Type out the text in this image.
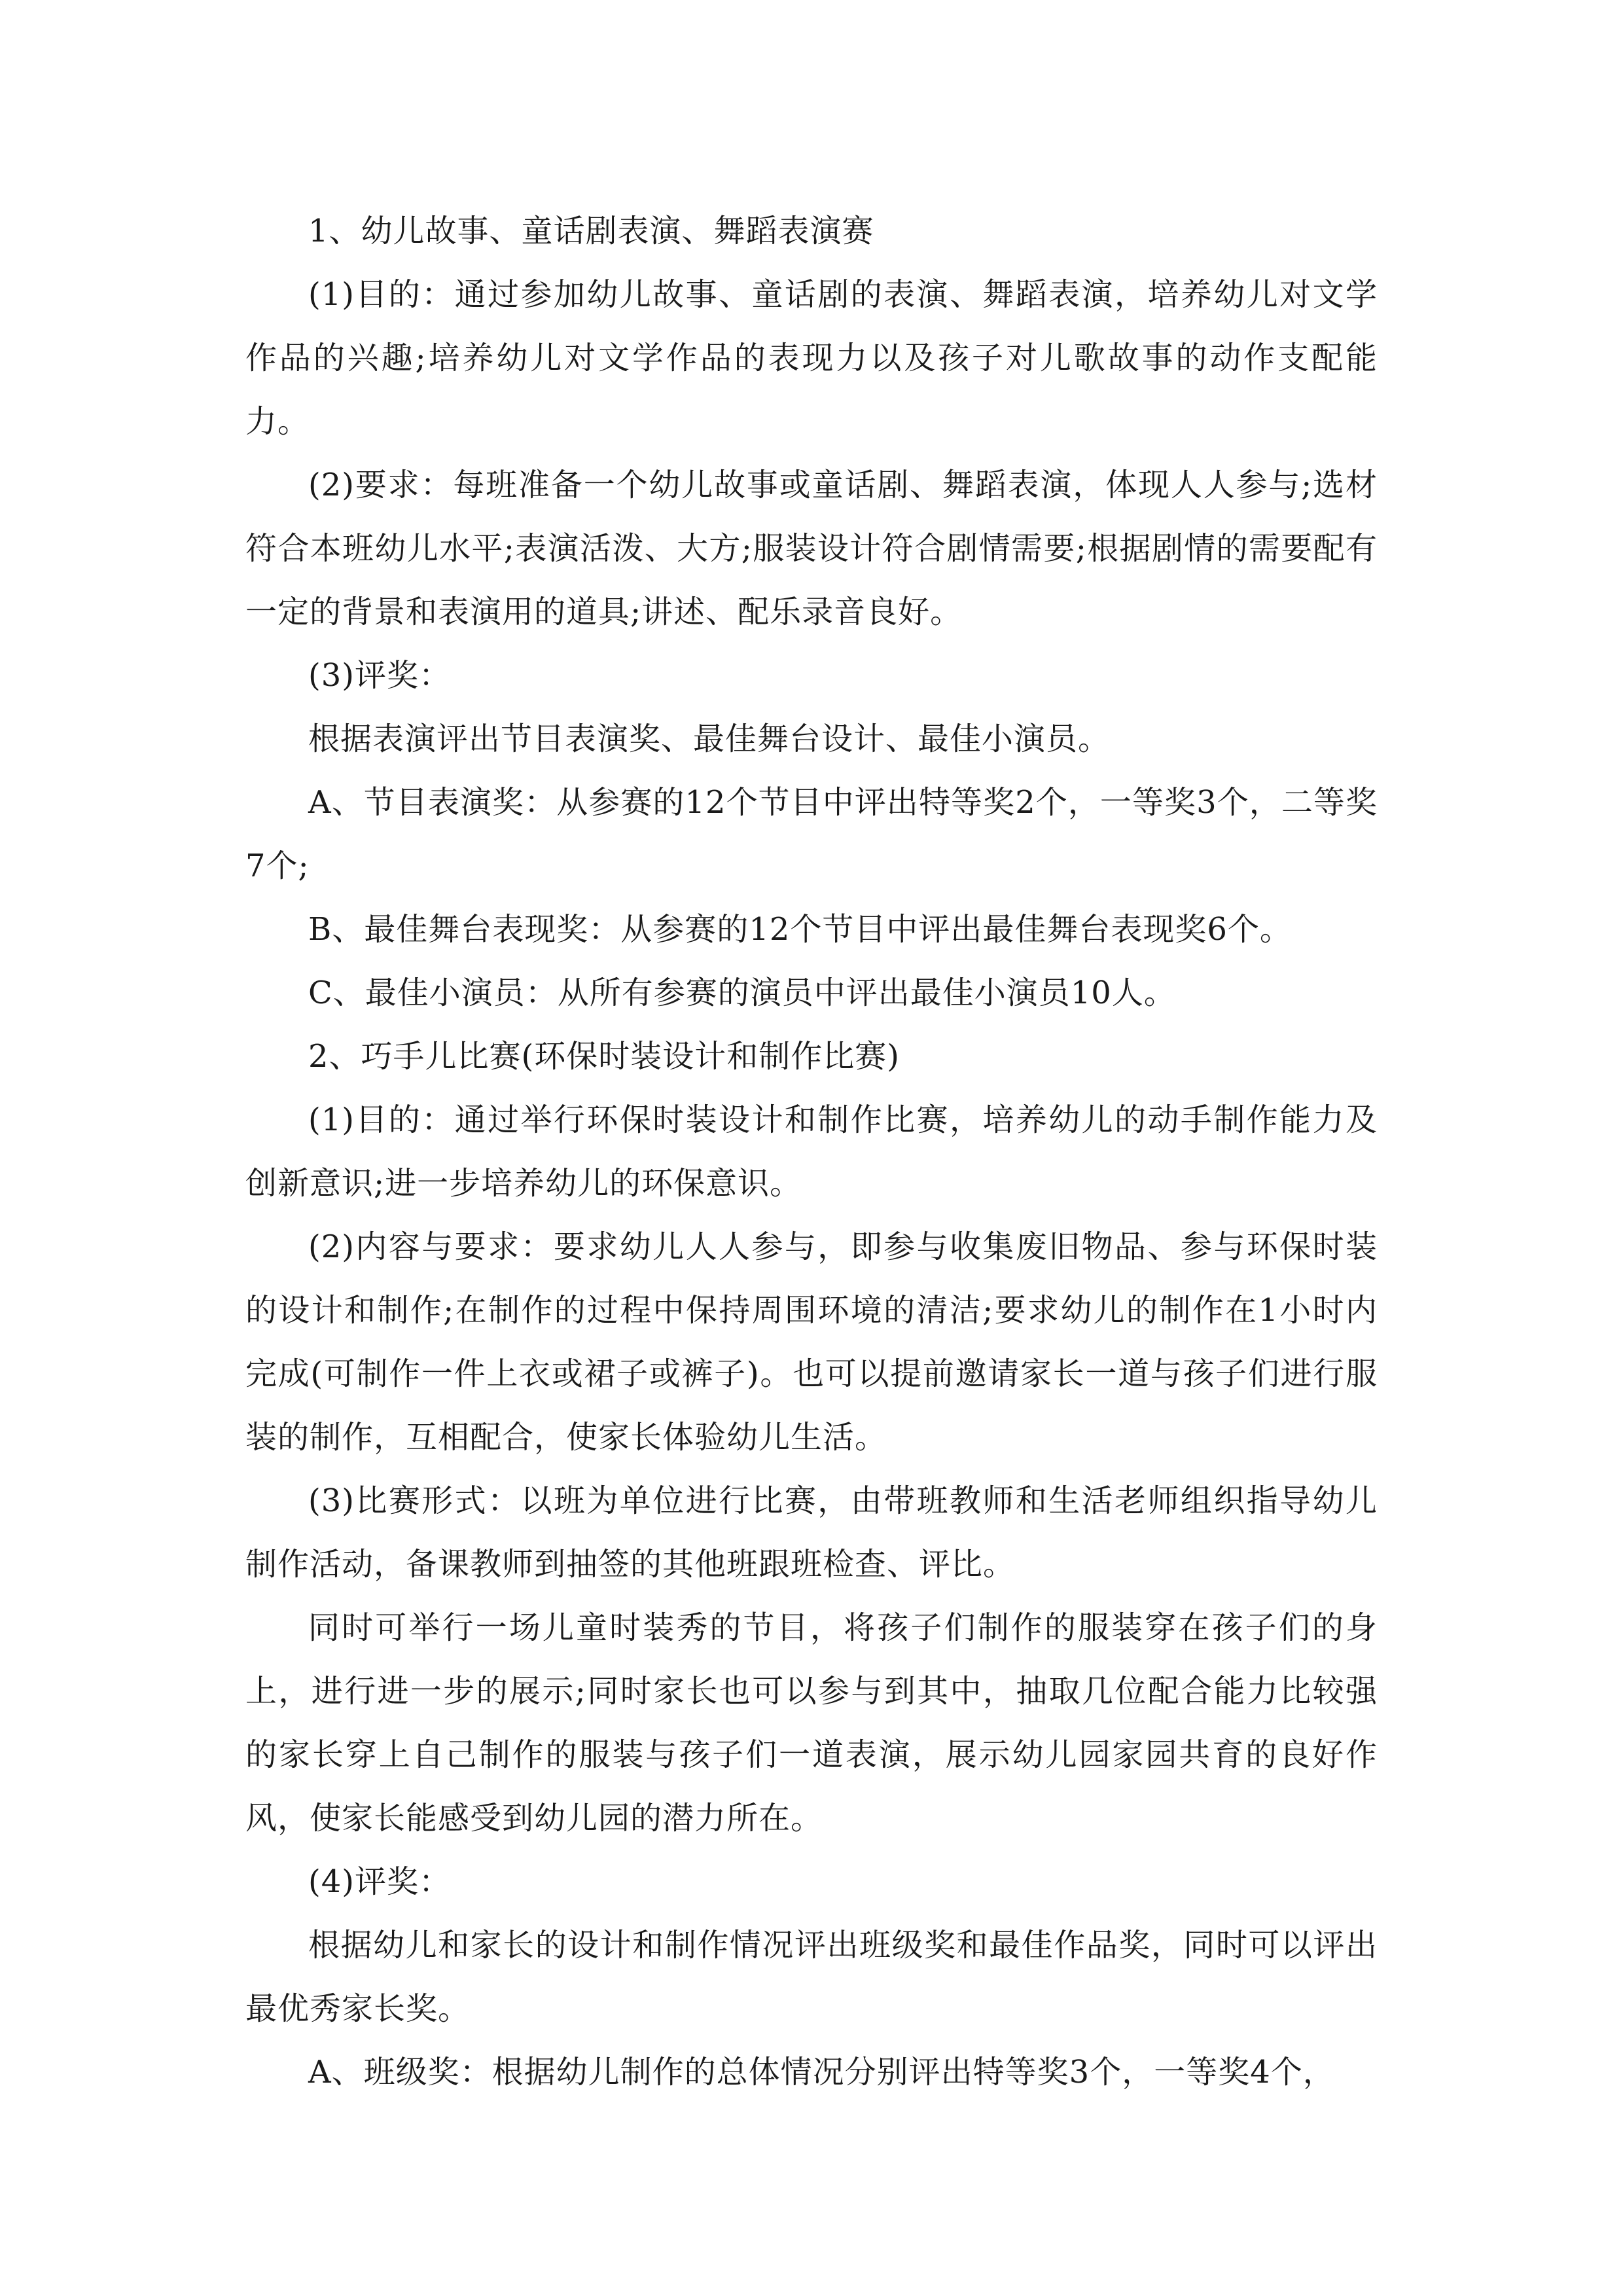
1、幼儿故事、童话剧表演、舞蹈表演赛

(1)目的：通过参加幼儿故事、童话剧的表演、舞蹈表演，培养幼儿对文学作品的兴趣;培养幼儿对文学作品的表现力以及孩子对儿歌故事的动作支配能力。

(2)要求：每班准备一个幼儿故事或童话剧、舞蹈表演，体现人人参与;选材符合本班幼儿水平;表演活泼、大方;服装设计符合剧情需要;根据剧情的需要配有一定的背景和表演用的道具;讲述、配乐录音良好。

(3)评奖：

根据表演评出节目表演奖、最佳舞台设计、最佳小演员。

A、节目表演奖：从参赛的12个节目中评出特等奖2个，一等奖3个，二等奖7个;

B、最佳舞台表现奖：从参赛的12个节目中评出最佳舞台表现奖6个。

C、最佳小演员：从所有参赛的演员中评出最佳小演员10人。

2、巧手儿比赛(环保时装设计和制作比赛)

(1)目的：通过举行环保时装设计和制作比赛，培养幼儿的动手制作能力及创新意识;进一步培养幼儿的环保意识。

(2)内容与要求：要求幼儿人人参与，即参与收集废旧物品、参与环保时装的设计和制作;在制作的过程中保持周围环境的清洁;要求幼儿的制作在1小时内完成(可制作一件上衣或裙子或裤子)。也可以提前邀请家长一道与孩子们进行服装的制作，互相配合，使家长体验幼儿生活。

(3)比赛形式：以班为单位进行比赛，由带班教师和生活老师组织指导幼儿制作活动，备课教师到抽签的其他班跟班检查、评比。

同时可举行一场儿童时装秀的节目，将孩子们制作的服装穿在孩子们的身上，进行进一步的展示;同时家长也可以参与到其中，抽取几位配合能力比较强的家长穿上自己制作的服装与孩子们一道表演，展示幼儿园家园共育的良好作风，使家长能感受到幼儿园的潜力所在。

(4)评奖：

根据幼儿和家长的设计和制作情况评出班级奖和最佳作品奖，同时可以评出最优秀家长奖。

A、班级奖：根据幼儿制作的总体情况分别评出特等奖3个，一等奖4个，
